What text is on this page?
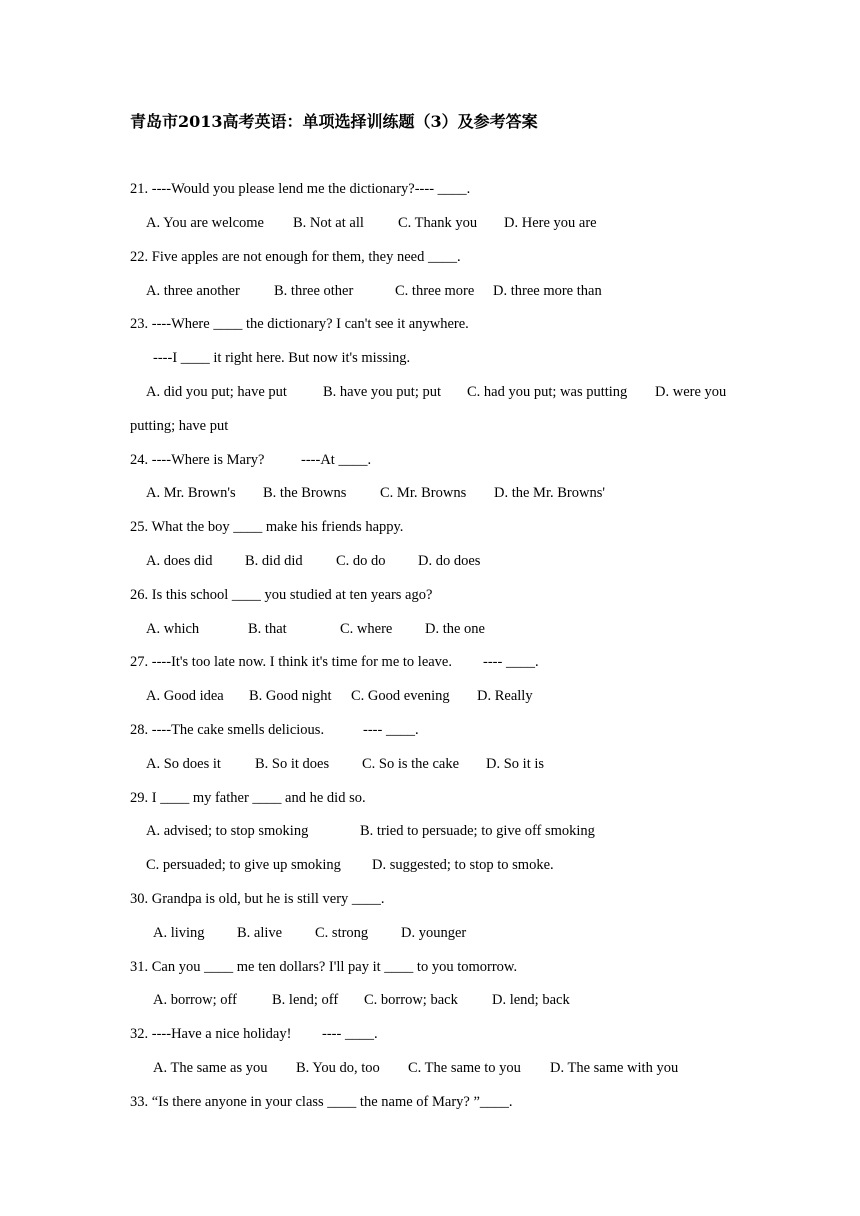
青岛市2013高考英语：单项选择训练题（3）及参考答案
21. ----Would you please lend me the dictionary?---- ____.
A. You are welcome B. Not at all C. Thank you D. Here you are
22. Five apples are not enough for them, they need ____.
A. three another B. three other	C. three more D. three more than
23. ----Where ____ the dictionary? I can't see it anywhere.
----I ____ it right here. But now it's missing.
A. did you put; have put B. have you put; put C. had you put; was putting D. were you
putting; have put
24. ----Where is Mary?	----At ____.
A. Mr. Brown's B. the Browns C. Mr. Browns D. the Mr. Browns'
25. What the boy ____ make his friends happy.
A. does did B. did did C. do do D. do does
26. Is this school ____ you studied at ten years ago?
A. which	B. that	C. where D. the one
27. ----It's too late now. I think it's time for me to leave. ---- ____.
A. Good idea B. Good night C. Good evening D. Really
28. ----The cake smells delicious.	---- ____.
A. So does it B. So it does C. So is the cake D. So it is
29. I ____ my father ____ and he did so.
A. advised; to stop smoking	B. tried to persuade; to give off smoking
C. persuaded; to give up smoking D. suggested; to stop to smoke.
30. Grandpa is old, but he is still very ____.
A. living B. alive C. strong D. younger
31. Can you ____ me ten dollars? I'll pay it ____ to you tomorrow.
A. borrow; off B. lend; off C. borrow; back D. lend; back
32. ----Have a nice holiday! ---- ____.
A. The same as you B. You do, too C. The same to you D. The same with you
33. “Is there anyone in your class ____ the name of Mary? ”____.
